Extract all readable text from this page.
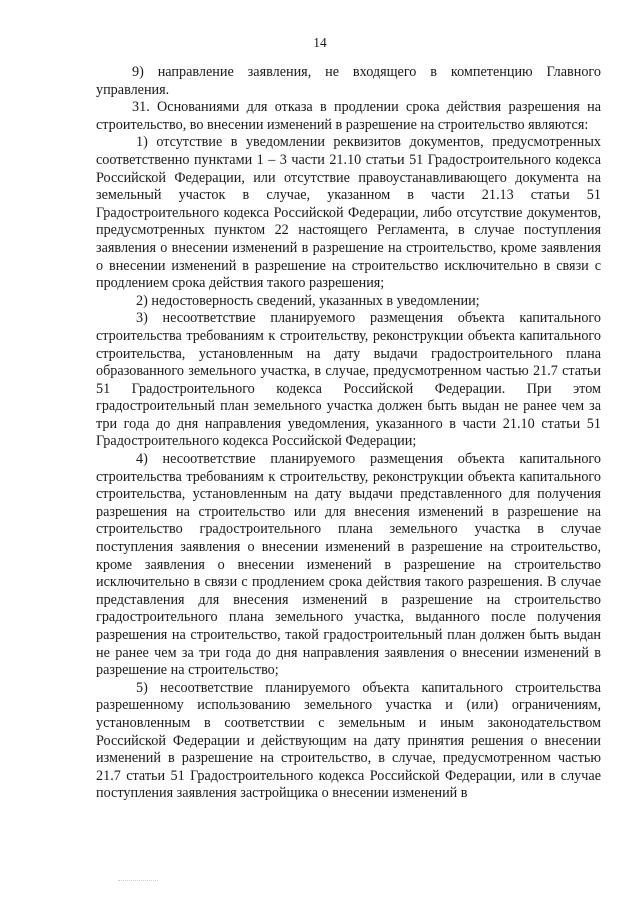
14

9) направление заявления, не входящего в компетенцию Главного управления.

31. Основаниями для отказа в продлении срока действия разрешения на строительство, во внесении изменений в разрешение на строительство являются:

1) отсутствие в уведомлении реквизитов документов, предусмотренных соответственно пунктами 1 – 3 части 21.10 статьи 51 Градостроительного кодекса Российской Федерации, или отсутствие правоустанавливающего документа на земельный участок в случае, указанном в части 21.13 статьи 51 Градостроительного кодекса Российской Федерации, либо отсутствие документов, предусмотренных пунктом 22 настоящего Регламента, в случае поступления заявления о внесении изменений в разрешение на строительство, кроме заявления о внесении изменений в разрешение на строительство исключительно в связи с продлением срока действия такого разрешения;

2) недостоверность сведений, указанных в уведомлении;

3) несоответствие планируемого размещения объекта капитального строительства требованиям к строительству, реконструкции объекта капитального строительства, установленным на дату выдачи градостроительного плана образованного земельного участка, в случае, предусмотренном частью 21.7 статьи 51 Градостроительного кодекса Российской Федерации. При этом градостроительный план земельного участка должен быть выдан не ранее чем за три года до дня направления уведомления, указанного в части 21.10 статьи 51 Градостроительного кодекса Российской Федерации;

4) несоответствие планируемого размещения объекта капитального строительства требованиям к строительству, реконструкции объекта капитального строительства, установленным на дату выдачи представленного для получения разрешения на строительство или для внесения изменений в разрешение на строительство градостроительного плана земельного участка в случае поступления заявления о внесении изменений в разрешение на строительство, кроме заявления о внесении изменений в разрешение на строительство исключительно в связи с продлением срока действия такого разрешения. В случае представления для внесения изменений в разрешение на строительство градостроительного плана земельного участка, выданного после получения разрешения на строительство, такой градостроительный план должен быть выдан не ранее чем за три года до дня направления заявления о внесении изменений в разрешение на строительство;

5) несоответствие планируемого объекта капитального строительства разрешенному использованию земельного участка и (или) ограничениям, установленным в соответствии с земельным и иным законодательством Российской Федерации и действующим на дату принятия решения о внесении изменений в разрешение на строительство, в случае, предусмотренном частью 21.7 статьи 51 Градостроительного кодекса Российской Федерации, или в случае поступления заявления застройщика о внесении изменений в
